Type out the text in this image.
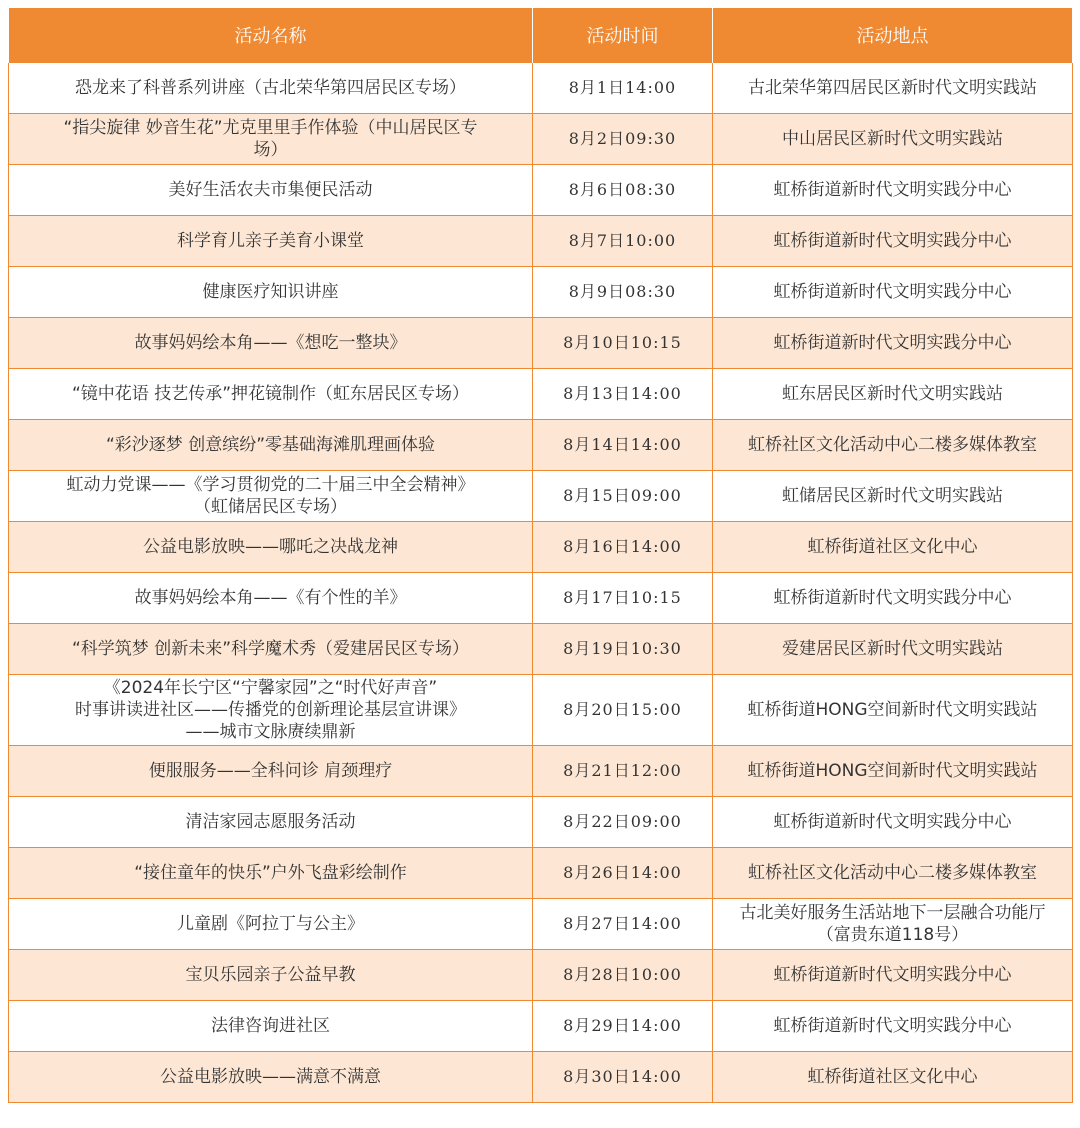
活动名称	活动时间	活动地点

恐龙来了科普系列讲座（古北荣华第四居民区专场）	8月1日14:00	古北荣华第四居民区新时代文明实践站

“指尖旋律 妙音生花”尤克里里手作体验（中山居民区专
场）	8月2日09:30	中山居民区新时代文明实践站

美好生活农夫市集便民活动	8月6日08:30	虹桥街道新时代文明实践分中心

科学育儿亲子美育小课堂	8月7日10:00	虹桥街道新时代文明实践分中心

健康医疗知识讲座	8月9日08:30	虹桥街道新时代文明实践分中心

故事妈妈绘本角——《想吃一整块》	8月10日10:15	虹桥街道新时代文明实践分中心

“镜中花语 技艺传承”押花镜制作（虹东居民区专场）	8月13日14:00	虹东居民区新时代文明实践站

“彩沙逐梦 创意缤纷”零基础海滩肌理画体验	8月14日14:00	虹桥社区文化活动中心二楼多媒体教室

虹动力党课——《学习贯彻党的二十届三中全会精神》
（虹储居民区专场）	8月15日09:00	虹储居民区新时代文明实践站

公益电影放映——哪吒之决战龙神	8月16日14:00	虹桥街道社区文化中心

故事妈妈绘本角——《有个性的羊》	8月17日10:15	虹桥街道新时代文明实践分中心

“科学筑梦 创新未来”科学魔术秀（爱建居民区专场）	8月19日10:30	爱建居民区新时代文明实践站

《2024年长宁区“宁馨家园”之“时代好声音”
时事讲读进社区——传播党的创新理论基层宣讲课》
——城市文脉赓续鼎新	8月20日15:00	虹桥街道HONG空间新时代文明实践站

便服服务——全科问诊 肩颈理疗	8月21日12:00	虹桥街道HONG空间新时代文明实践站

清洁家园志愿服务活动	8月22日09:00	虹桥街道新时代文明实践分中心

“接住童年的快乐”户外飞盘彩绘制作	8月26日14:00	虹桥社区文化活动中心二楼多媒体教室

儿童剧《阿拉丁与公主》	8月27日14:00	古北美好服务生活站地下一层融合功能厅
（富贵东道118号）

宝贝乐园亲子公益早教	8月28日10:00	虹桥街道新时代文明实践分中心

法律咨询进社区	8月29日14:00	虹桥街道新时代文明实践分中心

公益电影放映——满意不满意	8月30日14:00	虹桥街道社区文化中心
